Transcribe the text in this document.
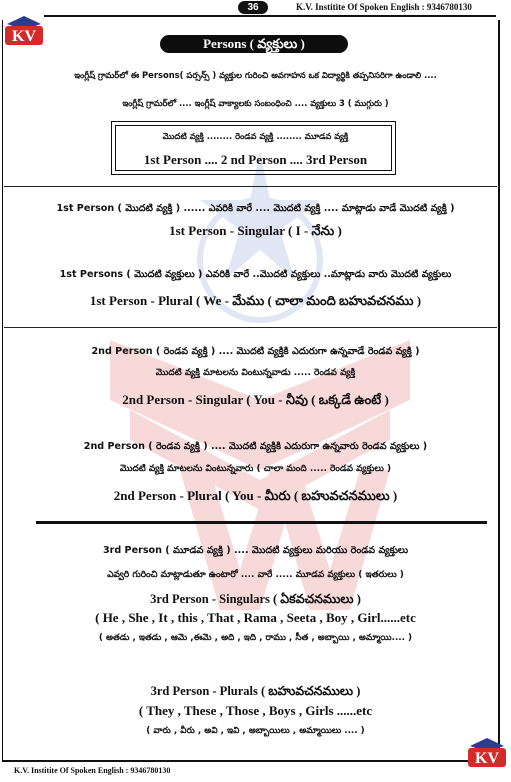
KV
36	K.V. Institite Of Spoken English : 9346780130
Persons ( వ్యక్తులు )
ఇంగ్లీష్ గ్రామర్‌లో ఈ Persons( పర్సన్స్ ) వ్యక్తుల గురించి అవగాహన ఒక విద్యార్థికి తప్పనిసరిగా ఉండాలి ....
ఇంగ్లీష్ గ్రామర్‌లో .... ఇంగ్లీష్ వాక్యాలకు సంబంధించి .... వ్యక్తులు 3 ( ముగ్గురు )
మొదటి వ్యక్తి ........ రెండవ వ్యక్తి ........ మూడవ వ్యక్తి
1st Person .... 2 nd Person .... 3rd Person
1st Person ( మొదటి వ్యక్తి ) ...... ఎవరికి వారే .... మొదటి వ్యక్తి .... మాట్లాడు వాడే మొదటి వ్యక్తి )
1st Person - Singular ( I - నేను )
1st Persons ( మొదటి వ్యక్తులు ) ఎవరికి వారే ..మొదటి వ్యక్తులు ..మాట్లాడు వారు మొదటి వ్యక్తులు
1st Person - Plural ( We - మేము ( చాలా మంది బహువచనము )
2nd Person ( రెండవ వ్యక్తి ) .... మొదటి వ్యక్తికి ఎదురుగా ఉన్నవాడే రెండవ వ్యక్తి )
మొదటి వ్యక్తి మాటలను వింటున్నవాడు ..... రెండవ వ్యక్తి
2nd Person - Singular ( You - నీవు ( ఒక్కడే ఉంటే )
2nd Person ( రెండవ వ్యక్తి ) .... మొదటి వ్యక్తికి ఎదురుగా ఉన్నవారు రెండవ వ్యక్తులు )
మొదటి వ్యక్తి మాటలను వింటున్నవారు ( చాలా మంది ..... రెండవ వ్యక్తులు )
2nd Person - Plural ( You - మీరు ( బహువచనములు )
3rd Person ( మూడవ వ్యక్తి ) .... మొదటి వ్యక్తులు మరియు రెండవ వ్యక్తులు
ఎవ్వరి గురించి మాట్లాడుతూ ఉంటారో .... వారే ..... మూడవ వ్యక్తులు ( ఇతరులు )
3rd Person - Singulars ( ఏకవచనములు )
( He , She , It , this , That , Rama , Seeta , Boy , Girl......etc
( అతడు , ఇతడు , ఆమె ,ఈమె , అది , ఇది , రాము , సీత , అబ్బాయి , అమ్మాయి.... )
3rd Person - Plurals ( బహువచనములు )
( They , These , Those , Boys , Girls ......etc
( వారు , వీరు , అవి , ఇవి , అబ్బాయిలు , అమ్మాయిలు .... )
KV
K.V. Institite Of Spoken English : 9346780130
